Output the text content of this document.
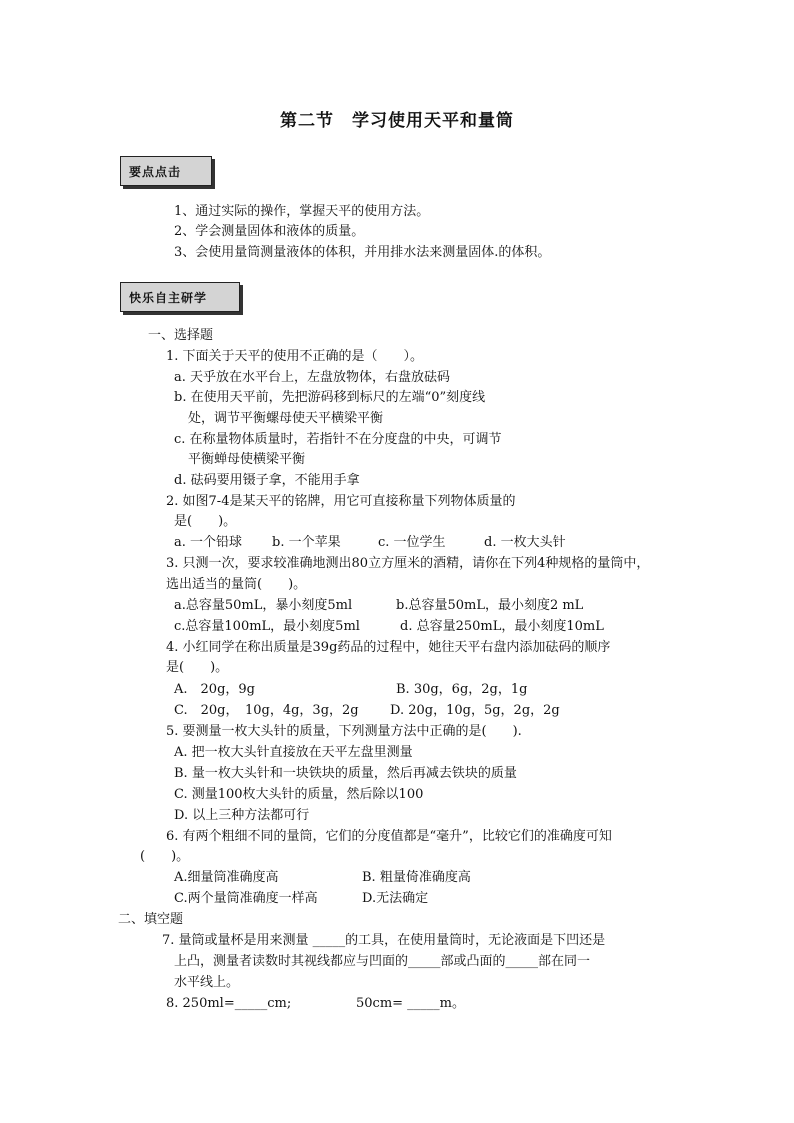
第二节　学习使用天平和量筒
要点点击
1、通过实际的操作，掌握天平的使用方法。
2、学会测量固体和液体的质量。
3、会使用量筒测量液体的体积，并用排水法来测量固体.的体积。
快乐自主研学
一、选择题
1. 下面关于天平的使用不正确的是（　　）。
a. 天乎放在水平台上，左盘放物体，右盘放砝码
b. 在使用天平前，先把游码移到标尺的左端“0”刻度线
处，调节平衡螺母使天平横梁平衡
c. 在称量物体质量时，若指针不在分度盘的中央，可调节
平衡蝉母使横梁平衡
d. 砝码要用镊子拿，不能用手拿
2. 如图7-4是某天平的铭牌，用它可直接称量下列物体质量的
是(　　)。
a. 一个铅球 b. 一个苹果	c. 一位学生	d. 一枚大头针
3. 只测一次，要求较准确地测出80立方厘米的酒精，请你在下列4种规格的量筒中，
选出适当的量筒(　　)。
a.总容量50mL，暴小刻度5ml	b.总容量50mL，最小刻度2 mL
c.总容量100mL，最小刻度5ml	d. 总容量250mL，最小刻度10mL
4. 小红同学在称出质量是39g药品的过程中，她往天平右盘内添加砝码的顺序
是(　　)。
A.　20g，9g	B. 30g，6g，2g，1g
C.　20g，　10g，4g，3g，2g D. 20g，10g，5g，2g，2g
5. 要测量一枚大头针的质量，下列测量方法中正确的是(　　).
A. 把一枚大头针直接放在天平左盘里测量
B. 量一枚大头针和一块铁块的质量，然后再减去铁块的质量
C. 测量100枚大头针的质量，然后除以100
D. 以上三种方法都可行
6. 有两个粗细不同的量筒，它们的分度值都是“毫升”，比较它们的准确度可知
(　　)。
A.细量筒准确度高	B. 粗量倚准确度高
C.两个量筒准确度一样高	D.无法确定
二、填空题
7. 量筒或量杯是用来测量 _____的工具，在使用量筒时，无论液面是下凹还是
上凸，测量者读数时其视线都应与凹面的_____部或凸面的_____部在同一
水平线上。
8. 250ml=_____cm;	50cm= _____m。
